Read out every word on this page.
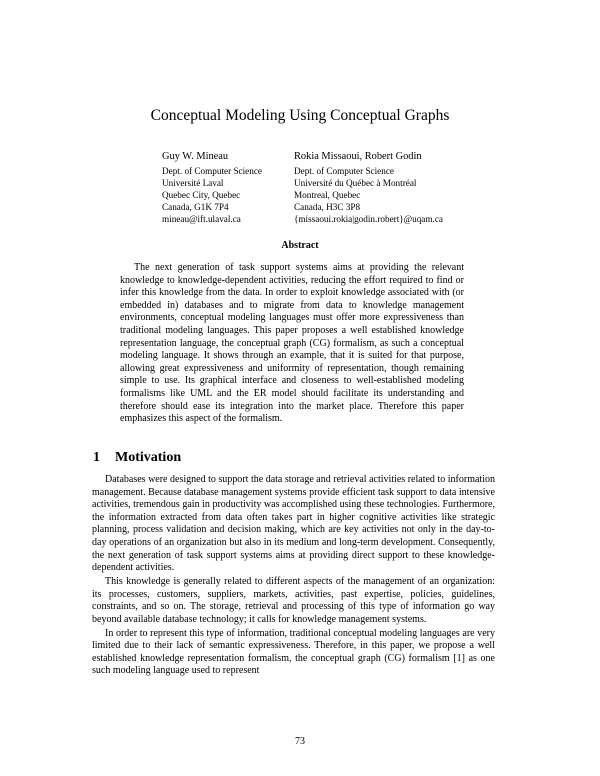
Conceptual Modeling Using Conceptual Graphs
Guy W. Mineau
Dept. of Computer Science
Université Laval
Quebec City, Quebec
Canada, G1K 7P4
mineau@ift.ulaval.ca
Rokia Missaoui, Robert Godin
Dept. of Computer Science
Université du Québec à Montréal
Montreal, Quebec
Canada, H3C 3P8
{missaoui.rokia|godin.robert}@uqam.ca
Abstract

The next generation of task support systems aims at providing the relevant knowledge to knowledge-dependent activities, reducing the effort required to find or infer this knowledge from the data. In order to exploit knowledge associated with (or embedded in) databases and to migrate from data to knowledge management environments, conceptual modeling languages must offer more expressiveness than traditional modeling languages. This paper proposes a well established knowledge representation language, the conceptual graph (CG) formalism, as such a conceptual modeling language. It shows through an example, that it is suited for that purpose, allowing great expressiveness and uniformity of representation, though remaining simple to use. Its graphical interface and closeness to well-established modeling formalisms like UML and the ER model should facilitate its understanding and therefore should ease its integration into the market place. Therefore this paper emphasizes this aspect of the formalism.

1 Motivation

Databases were designed to support the data storage and retrieval activities related to information management. Because database management systems provide efficient task support to data intensive activities, tremendous gain in productivity was accomplished using these technologies. Furthermore, the information extracted from data often takes part in higher cognitive activities like strategic planning, process validation and decision making, which are key activities not only in the day-to-day operations of an organization but also in its medium and long-term development. Consequently, the next generation of task support systems aims at providing direct support to these knowledge-dependent activities.

This knowledge is generally related to different aspects of the management of an organization: its processes, customers, suppliers, markets, activities, past expertise, policies, guidelines, constraints, and so on. The storage, retrieval and processing of this type of information go way beyond available database technology; it calls for knowledge management systems.

In order to represent this type of information, traditional conceptual modeling languages are very limited due to their lack of semantic expressiveness. Therefore, in this paper, we propose a well established knowledge representation formalism, the conceptual graph (CG) formalism [1] as one such modeling language used to represent

73
